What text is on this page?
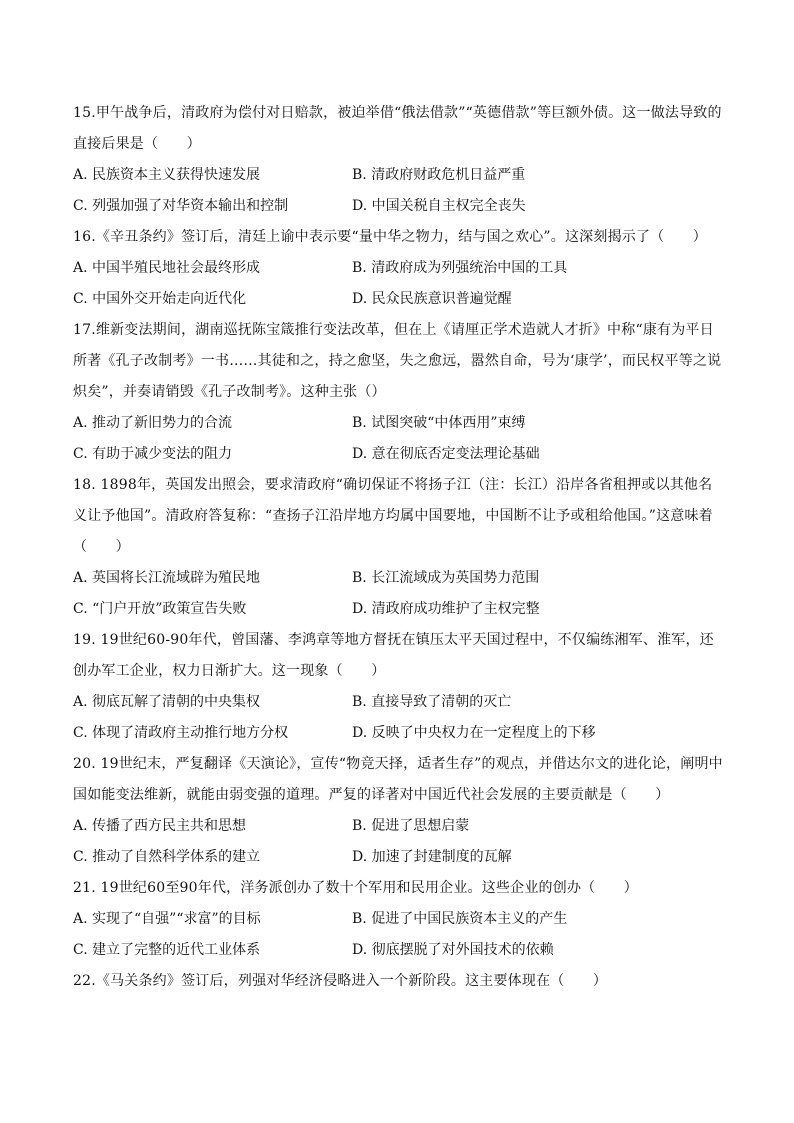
15.甲午战争后，清政府为偿付对日赔款，被迫举借“俄法借款”“英德借款”等巨额外债。这一做法导致的直接后果是（　　）

A. 民族资本主义获得快速发展	B. 清政府财政危机日益严重
C. 列强加强了对华资本输出和控制	D. 中国关税自主权完全丧失

16.《辛丑条约》签订后，清廷上谕中表示要“量中华之物力，结与国之欢心”。这深刻揭示了（　　）

A. 中国半殖民地社会最终形成	B. 清政府成为列强统治中国的工具
C. 中国外交开始走向近代化	D. 民众民族意识普遍觉醒

17.维新变法期间，湖南巡抚陈宝箴推行变法改革，但在上《请厘正学术造就人才折》中称“康有为平日所著《孔子改制考》一书……其徒和之，持之愈坚，失之愈远，嚣然自命，号为‘康学’，而民权平等之说炽矣”，并奏请销毁《孔子改制考》。这种主张（）

A. 推动了新旧势力的合流	B. 试图突破“中体西用”束缚
C. 有助于减少变法的阻力	D. 意在彻底否定变法理论基础

18. 1898年，英国发出照会，要求清政府“确切保证不将扬子江（注：长江）沿岸各省租押或以其他名义让予他国”。清政府答复称：“查扬子江沿岸地方均属中国要地，中国断不让予或租给他国。”这意味着（　　）

A. 英国将长江流域辟为殖民地	B. 长江流域成为英国势力范围
C. “门户开放”政策宣告失败	D. 清政府成功维护了主权完整

19. 19世纪60-90年代，曾国藩、李鸿章等地方督抚在镇压太平天国过程中，不仅编练湘军、淮军，还创办军工企业，权力日渐扩大。这一现象（　　）

A. 彻底瓦解了清朝的中央集权	B. 直接导致了清朝的灭亡
C. 体现了清政府主动推行地方分权	D. 反映了中央权力在一定程度上的下移

20. 19世纪末，严复翻译《天演论》，宣传“物竞天择，适者生存”的观点，并借达尔文的进化论，阐明中国如能变法维新，就能由弱变强的道理。严复的译著对中国近代社会发展的主要贡献是（　　）

A. 传播了西方民主共和思想	B. 促进了思想启蒙
C. 推动了自然科学体系的建立	D. 加速了封建制度的瓦解

21. 19世纪60至90年代，洋务派创办了数十个军用和民用企业。这些企业的创办（　　）

A. 实现了“自强”“求富”的目标	B. 促进了中国民族资本主义的产生
C. 建立了完整的近代工业体系	D. 彻底摆脱了对外国技术的依赖

22.《马关条约》签订后，列强对华经济侵略进入一个新阶段。这主要体现在（　　）
